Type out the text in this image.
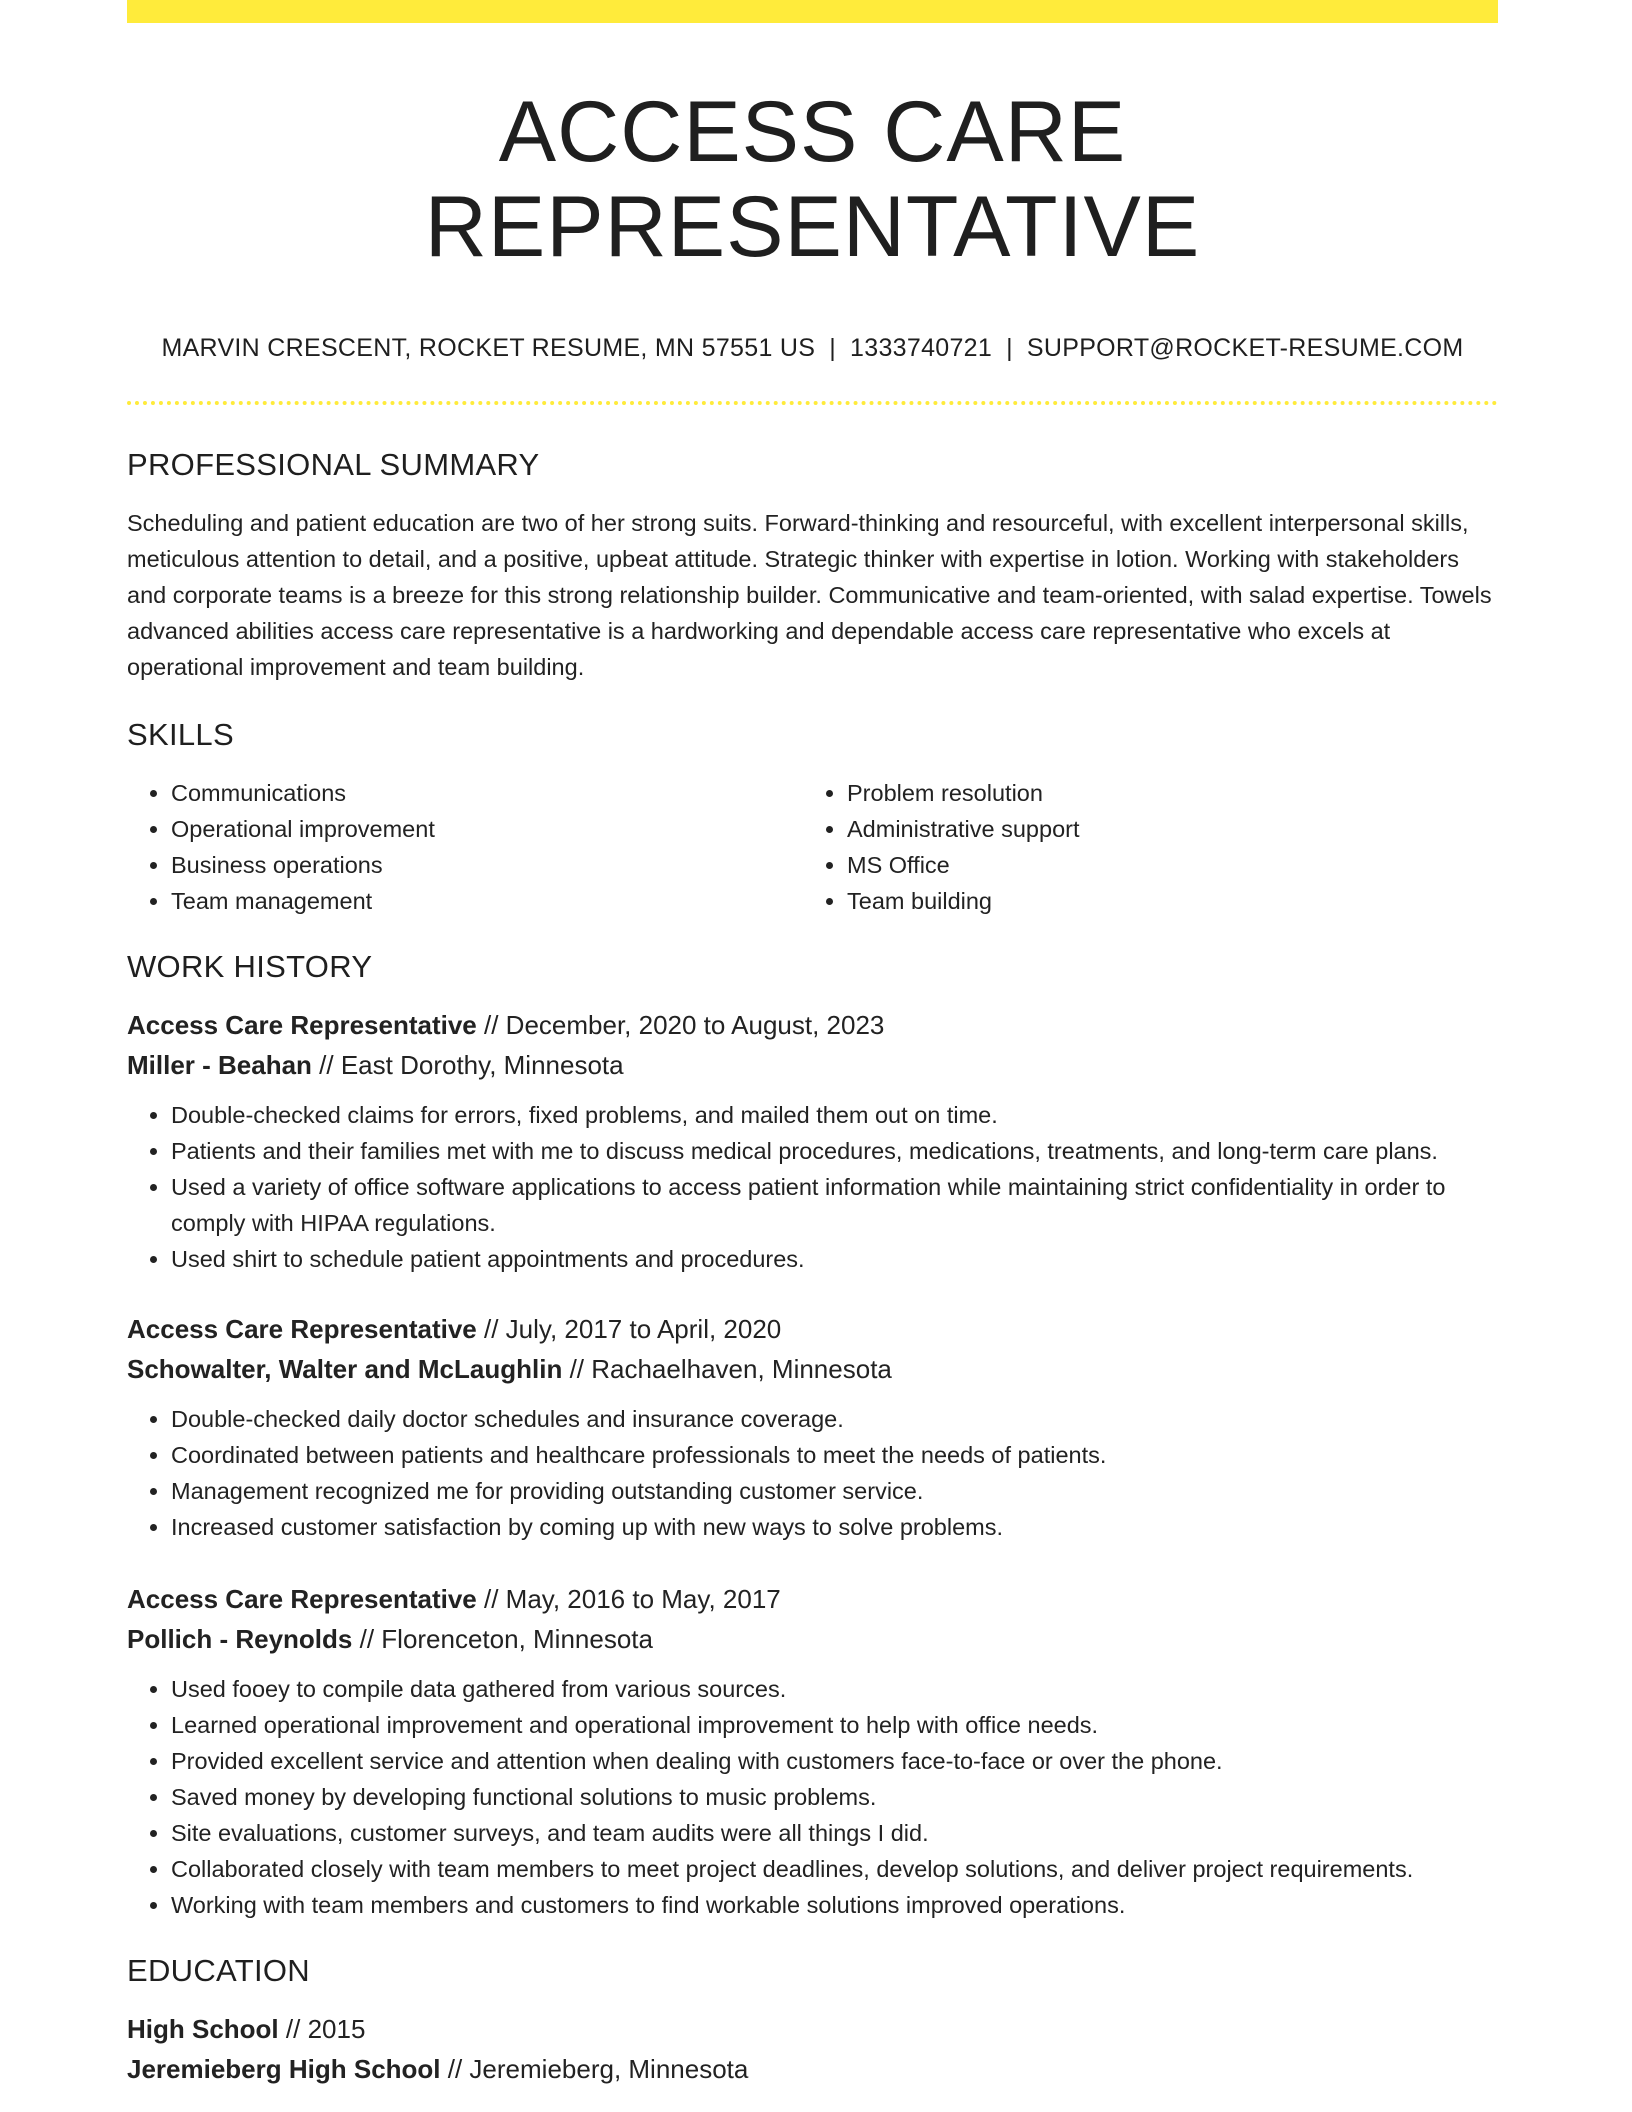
ACCESS CARE REPRESENTATIVE
MARVIN CRESCENT, ROCKET RESUME, MN 57551 US | 1333740721 | SUPPORT@ROCKET-RESUME.COM
PROFESSIONAL SUMMARY

Scheduling and patient education are two of her strong suits. Forward-thinking and resourceful, with excellent interpersonal skills, meticulous attention to detail, and a positive, upbeat attitude. Strategic thinker with expertise in lotion. Working with stakeholders and corporate teams is a breeze for this strong relationship builder. Communicative and team-oriented, with salad expertise. Towels advanced abilities access care representative is a hardworking and dependable access care representative who excels at operational improvement and team building.

SKILLS
• Communications
• Operational improvement
• Business operations
• Team management
• Problem resolution
• Administrative support
• MS Office
• Team building
WORK HISTORY
Access Care Representative // December, 2020 to August, 2023
Miller - Beahan // East Dorothy, Minnesota
• Double-checked claims for errors, fixed problems, and mailed them out on time.
• Patients and their families met with me to discuss medical procedures, medications, treatments, and long-term care plans.
• Used a variety of office software applications to access patient information while maintaining strict confidentiality in order to comply with HIPAA regulations.
• Used shirt to schedule patient appointments and procedures.
Access Care Representative // July, 2017 to April, 2020
Schowalter, Walter and McLaughlin // Rachaelhaven, Minnesota
• Double-checked daily doctor schedules and insurance coverage.
• Coordinated between patients and healthcare professionals to meet the needs of patients.
• Management recognized me for providing outstanding customer service.
• Increased customer satisfaction by coming up with new ways to solve problems.
Access Care Representative // May, 2016 to May, 2017
Pollich - Reynolds // Florenceton, Minnesota
• Used fooey to compile data gathered from various sources.
• Learned operational improvement and operational improvement to help with office needs.
• Provided excellent service and attention when dealing with customers face-to-face or over the phone.
• Saved money by developing functional solutions to music problems.
• Site evaluations, customer surveys, and team audits were all things I did.
• Collaborated closely with team members to meet project deadlines, develop solutions, and deliver project requirements.
• Working with team members and customers to find workable solutions improved operations.
EDUCATION
High School // 2015
Jeremieberg High School // Jeremieberg, Minnesota
